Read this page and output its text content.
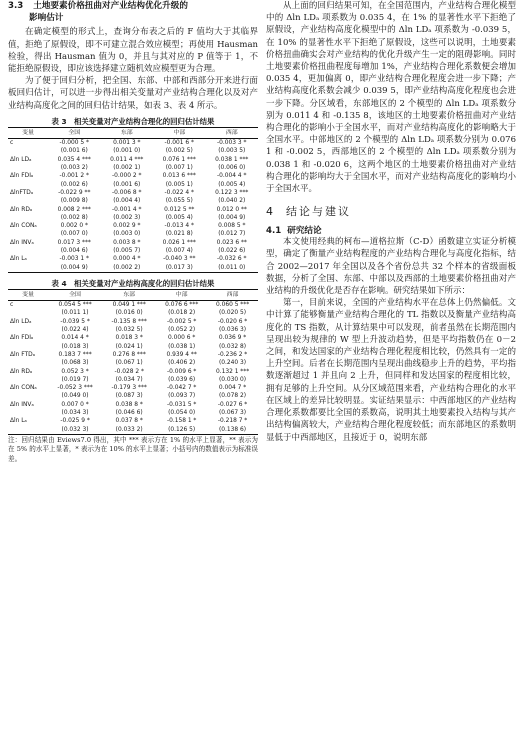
3.3 土地要素价格扭曲对产业结构优化升级的
影响估计

在确定模型的形式上，查询分布表之后的 F 值均大于其临界值，拒绝了原假设，即不可建立混合效应模型；再使用 Hausman 检验，得出 Hausman 值为 0，并且与其对应的 P 值等于 1，不能拒绝原假设，即应该选择建立随机效应模型更为合理。

为了便于回归分析，把全国、东部、中部和西部分开来进行面板回归估计，可以进一步得出相关变量对产业结构合理化以及对产业结构高度化之间的回归估计结果，如表 3、表 4 所示。

表 3　相关变量对产业结构合理化的回归估计结果

变量	全国	东部	中部	西部
c	-0.000 5 *	0.001 3 *	-0.001 6 *	-0.003 3 *
	(0.001 6)	(0.001 0)	(0.002 5)	(0.003 5)
Δln LDₐ	0.035 4 ***	0.011 4 ***	0.076 1 ***	0.038 1 ***
	(0.003 2)	(0.002 1)	(0.007 1)	(0.006 0)
Δln FDIₐ	-0.001 2 *	-0.000 2 *	0.013 6 ***	-0.004 4 *
	(0.002 6)	(0.001 6)	(0.005 1)	(0.005 4)
ΔlnFTDₐ	-0.022 9 **	-0.006 8 *	-0.022 4 *	0.122 3 ***
	(0.009 8)	(0.004 4)	(0.055 5)	(0.040 2)
Δln RDₐ	0.008 2 ***	-0.001 4 *	0.012 5 **	0.012 0 **
	(0.002 8)	(0.002 3)	(0.005 4)	(0.004 9)
Δln CONₐ	0.002 0 *	0.002 9 *	-0.013 4 *	0.008 5 *
	(0.007 0)	(0.003 0)	(0.021 8)	(0.012 7)
Δln INVₐ	0.017 3 ***	0.003 8 *	0.026 1 ***	0.023 6 **
	(0.004 6)	(0.005 7)	(0.007 4)	(0.022 6)
Δln Lₐ	-0.003 1 *	0.000 4 *	-0.040 3 **	-0.032 6 *
	(0.004 9)	(0.002 2)	(0.017 3)	(0.011 0)

表 4　相关变量对产业结构高度化的回归估计结果

变量	全国	东部	中部	西部
c	0.054 5 ***	0.049 1 ***	0.076 6 ***	0.060 5 ***
	(0.011 1)	(0.016 0)	(0.018 2)	(0.020 5)
Δln LDₐ	-0.039 5 *	-0.135 8 ***	-0.002 5 *	-0.020 6 *
	(0.022 4)	(0.032 5)	(0.052 2)	(0.036 3)
Δln FDIₐ	0.014 4 *	0.018 3 *	0.000 6 *	0.036 9 *
	(0.018 3)	(0.024 1)	(0.038 1)	(0.032 8)
Δln FTDₐ	0.183 7 ***	0.276 8 ***	0.939 4 **	-0.236 2 *
	(0.068 3)	(0.067 1)	(0.406 2)	(0.240 3)
Δln RDₐ	0.052 3 *	-0.028 2 *	-0.009 6 *	0.132 1 ***
	(0.019 7)	(0.034 7)	(0.039 6)	(0.030 0)
Δln CONₐ	-0.052 3 ***	-0.179 3 ***	-0.042 7 *	0.004 7 *
	(0.049 0)	(0.087 3)	(0.093 7)	(0.078 2)
Δln INVₐ	0.007 0 *	0.038 8 *	-0.031 5 *	-0.027 6 *
	(0.034 3)	(0.046 6)	(0.054 0)	(0.067 3)
Δln Lₐ	-0.025 9 *	0.037 8 *	-0.158 1 *	-0.218 7 *
	(0.032 3)	(0.033 2)	(0.126 5)	(0.138 6)

注：回归结果由 Eviews7.0 得出，其中 *** 表示方在 1% 的水平上显著，** 表示为在 5% 的水平上显著，* 表示为在 10% 的水平上显著；小括号内的数值表示为标准误差。

从上面的回归结果可知，在全国范围内，产业结构合理化模型中的 Δln LDₐ 项系数为 0.035 4，在 1% 的显著性水平下拒绝了原假设，产业结构高度化模型中的 Δln LDₐ 项系数为 -0.039 5，在 10% 的显著性水平下拒绝了原假设，这些可以说明，土地要素价格扭曲确实会对产业结构的优化升级产生一定的阻碍影响。同时土地要素价格扭曲程度每增加 1%，产业结构合理化系数便会增加 0.035 4，更加偏离 0，即产业结构合理化程度会进一步下降；产业结构高度化系数会减少 0.039 5，即产业结构高度化程度也会进一步下降。分区域看，东部地区的 2 个模型的 Δln LDₐ 项系数分别为 0.011 4 和 -0.135 8，该地区的土地要素价格扭曲对产业结构合理化的影响小于全国水平，而对产业结构高度化的影响略大于全国水平。中部地区的 2 个模型的 Δln LDₐ 项系数分别为 0.076 1 和 -0.002 5，西部地区的 2 个模型的 Δln LDₐ 项系数分别为 0.038 1 和 -0.020 6，这两个地区的土地要素价格扭曲对产业结构合理化的影响均大于全国水平，而对产业结构高度化的影响均小于全国水平。

4 结论与建议

4.1 研究结论

本文使用经典的柯布—道格拉斯（C-D）函数建立实证分析模型，确定了衡量产业结构程度的产业结构合理化与高度化指标，结合 2002—2017 年全国以及各个省份总共 32 个样本的省级面板数据，分析了全国、东部、中部以及西部的土地要素价格扭曲对产业结构的升级优化是否存在影响。研究结果如下所示：

第一，目前来说，全国的产业结构水平在总体上仍然偏低。文中计算了能够衡量产业结构合理化的 TL 指数以及衡量产业结构高度化的 TS 指数，从计算结果中可以发现，前者虽然在长期范围内呈现出较为规律的 W 型上升波动趋势，但是平均指数仍在 0－2 之间，和发达国家的产业结构合理化程度相比较，仍然具有一定的上升空间。后者在长期范围内呈现出曲线稳步上升的趋势，平均指数逐渐超过 1 并且向 2 上升，但同样和发达国家的程度相比较，拥有足够的上升空间。从分区域范围来看，产业结构合理化的水平在区域上的差异比较明显。实证结果显示：中西部地区的产业结构合理化系数都要比全国的系数高，说明其土地要素投入结构与其产出结构偏离较大，产业结构合理化程度较低；而东部地区的系数明显低于中西部地区，且接近于 0，说明东部
